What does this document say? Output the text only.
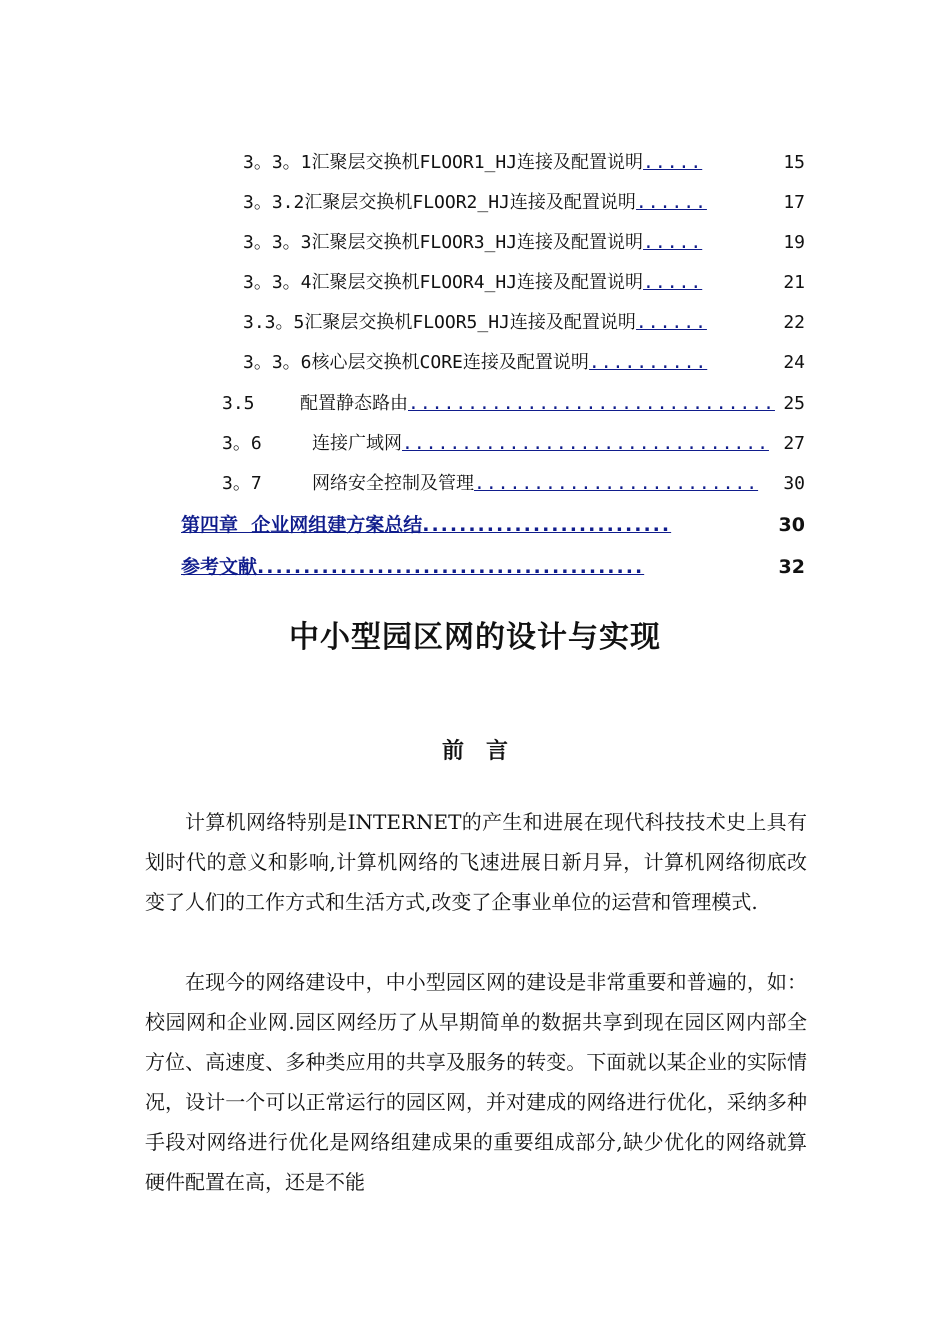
3。3。1 汇聚层交换机FLOOR1_HJ连接及配置说明 .....	15
3。3.2 汇聚层交换机FLOOR2_HJ连接及配置说明 ......	17
3。3。3 汇聚层交换机FLOOR3_HJ连接及配置说明 .....	19
3。3。4 汇聚层交换机FLOOR4_HJ连接及配置说明 .....	21
3.3。5 汇聚层交换机FLOOR5_HJ连接及配置说明 ......	22
3。3。6 核心层交换机CORE连接及配置说明 ..........	24
3.5	配置静态路由 ............................... 25
3。6	连接广域网 ............................... 27
3。7	网络安全控制及管理 ........................	30
第四章  企业网组建方案总结 ...........................	30
参考文献 ..........................................	32
中小型园区网的设计与实现
前言

计算机网络特别是INTERNET的产生和进展在现代科技技术史上具有划时代的意义和影响,计算机网络的飞速进展日新月异，计算机网络彻底改变了人们的工作方式和生活方式,改变了企事业单位的运营和管理模式.

在现今的网络建设中，中小型园区网的建设是非常重要和普遍的，如：校园网和企业网.园区网经历了从早期简单的数据共享到现在园区网内部全方位、高速度、多种类应用的共享及服务的转变。下面就以某企业的实际情况，设计一个可以正常运行的园区网，并对建成的网络进行优化，采纳多种手段对网络进行优化是网络组建成果的重要组成部分,缺少优化的网络就算硬件配置在高，还是不能
